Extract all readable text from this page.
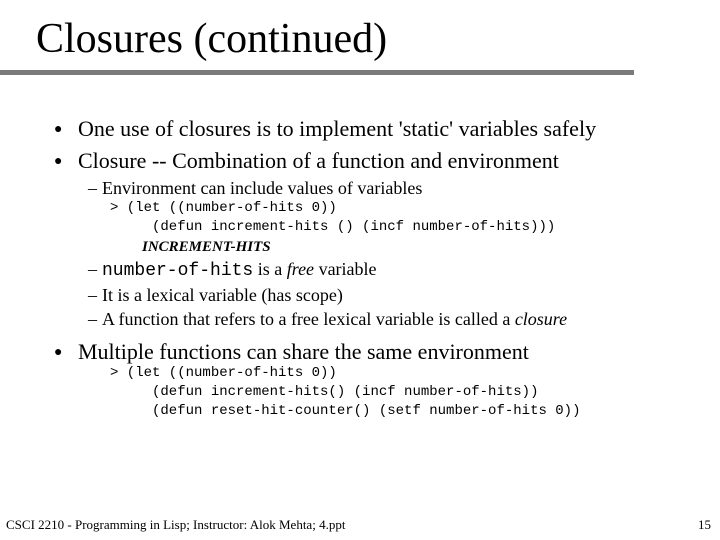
Closures (continued)
● One use of closures is to implement 'static' variables safely
● Closure -- Combination of a function and environment
– Environment can include values of variables
> (let ((number-of-hits 0))
(defun increment-hits () (incf number-of-hits)))
INCREMENT-HITS
– number-of-hits is a free variable
– It is a lexical variable (has scope)
– A function that refers to a free lexical variable is called a closure
● Multiple functions can share the same environment
> (let ((number-of-hits 0))
(defun increment-hits() (incf number-of-hits))
(defun reset-hit-counter() (setf number-of-hits 0))
CSCI 2210 - Programming in Lisp; Instructor: Alok Mehta; 4.ppt	15
